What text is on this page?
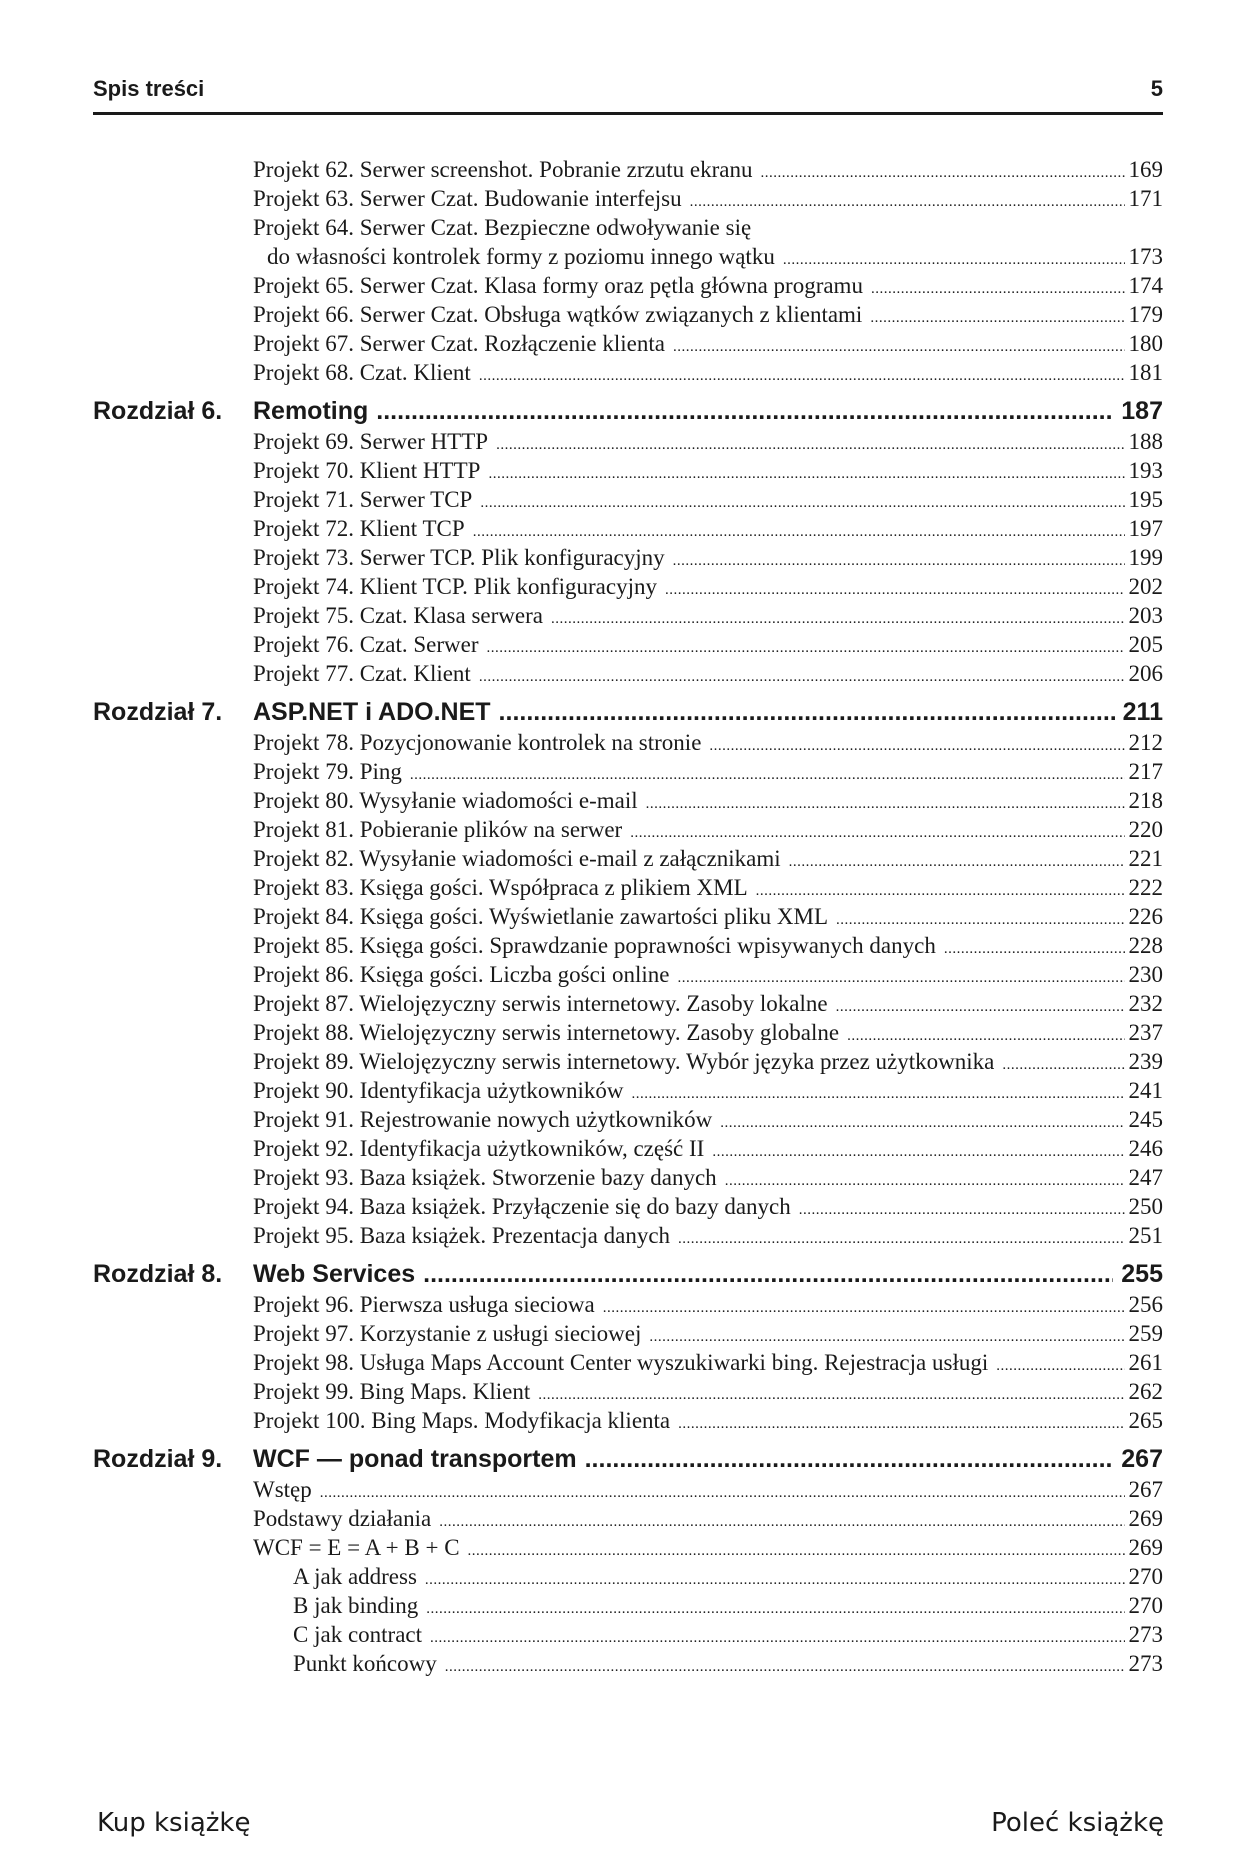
Spis treści	5
Projekt 62. Serwer screenshot. Pobranie zrzutu ekranu .....	169
Projekt 63. Serwer Czat. Budowanie interfejsu .....	171
Projekt 64. Serwer Czat. Bezpieczne odwoływanie się
do własności kontrolek formy z poziomu innego wątku .....	173
Projekt 65. Serwer Czat. Klasa formy oraz pętla główna programu .....	174
Projekt 66. Serwer Czat. Obsługa wątków związanych z klientami .....	179
Projekt 67. Serwer Czat. Rozłączenie klienta .....	180
Projekt 68. Czat. Klient .....	181
Rozdział 6.	Remoting .....	187
Projekt 69. Serwer HTTP .....	188
Projekt 70. Klient HTTP .....	193
Projekt 71. Serwer TCP .....	195
Projekt 72. Klient TCP .....	197
Projekt 73. Serwer TCP. Plik konfiguracyjny .....	199
Projekt 74. Klient TCP. Plik konfiguracyjny .....	202
Projekt 75. Czat. Klasa serwera .....	203
Projekt 76. Czat. Serwer .....	205
Projekt 77. Czat. Klient .....	206
Rozdział 7.	ASP.NET i ADO.NET .....	211
Projekt 78. Pozycjonowanie kontrolek na stronie .....	212
Projekt 79. Ping .....	217
Projekt 80. Wysyłanie wiadomości e-mail .....	218
Projekt 81. Pobieranie plików na serwer .....	220
Projekt 82. Wysyłanie wiadomości e-mail z załącznikami .....	221
Projekt 83. Księga gości. Współpraca z plikiem XML .....	222
Projekt 84. Księga gości. Wyświetlanie zawartości pliku XML .....	226
Projekt 85. Księga gości. Sprawdzanie poprawności wpisywanych danych .....	228
Projekt 86. Księga gości. Liczba gości online .....	230
Projekt 87. Wielojęzyczny serwis internetowy. Zasoby lokalne .....	232
Projekt 88. Wielojęzyczny serwis internetowy. Zasoby globalne .....	237
Projekt 89. Wielojęzyczny serwis internetowy. Wybór języka przez użytkownika .....	239
Projekt 90. Identyfikacja użytkowników .....	241
Projekt 91. Rejestrowanie nowych użytkowników .....	245
Projekt 92. Identyfikacja użytkowników, część II .....	246
Projekt 93. Baza książek. Stworzenie bazy danych .....	247
Projekt 94. Baza książek. Przyłączenie się do bazy danych .....	250
Projekt 95. Baza książek. Prezentacja danych .....	251
Rozdział 8.	Web Services .....	255
Projekt 96. Pierwsza usługa sieciowa .....	256
Projekt 97. Korzystanie z usługi sieciowej .....	259
Projekt 98. Usługa Maps Account Center wyszukiwarki bing. Rejestracja usługi .....	261
Projekt 99. Bing Maps. Klient .....	262
Projekt 100. Bing Maps. Modyfikacja klienta .....	265
Rozdział 9.	WCF — ponad transportem .....	267
Wstęp .....	267
Podstawy działania .....	269
WCF = E = A + B + C .....	269
A jak address .....	270
B jak binding .....	270
C jak contract .....	273
Punkt końcowy .....	273
Kup książkę	Poleć książkę
